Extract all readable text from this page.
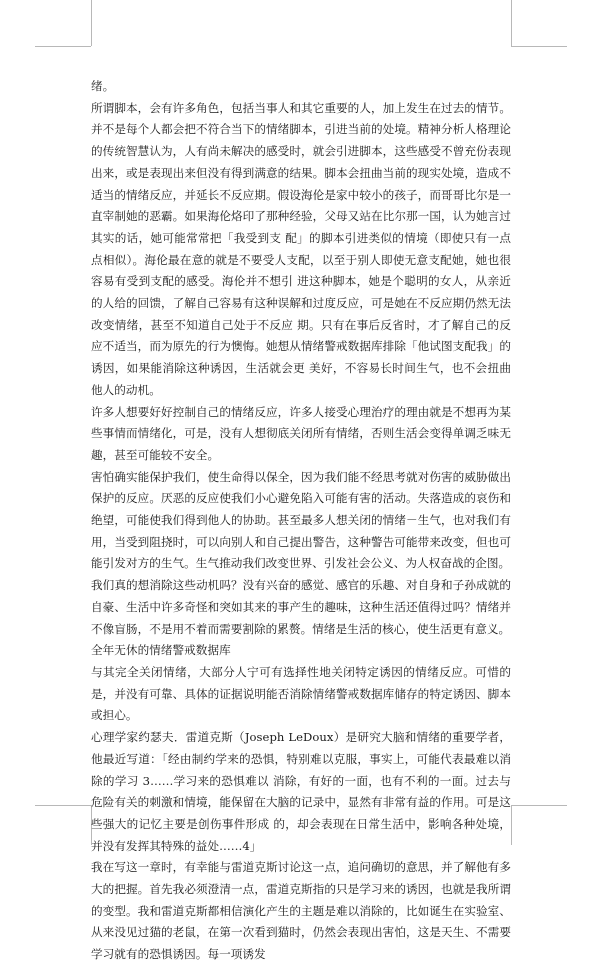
绪。

所谓脚本，会有许多角色，包括当事人和其它重要的人，加上发生在过去的情节。并不是每个人都会把不符合当下的情绪脚本，引进当前的处境。精神分析人格理论 的传统智慧认为，人有尚未解决的感受时，就会引进脚本，这些感受不曾充份表现出来，或是表现出来但没有得到满意的结果。脚本会扭曲当前的现实处境，造成不 适当的情绪反应，并延长不反应期。假设海伦是家中较小的孩子，而哥哥比尔是一直宰制她的恶霸。如果海伦烙印了那种经验，父母又站在比尔那一国，认为她言过其实的话，她可能常常把「我受到支 配」的脚本引进类似的情境（即使只有一点点相似）。海伦最在意的就是不要受人支配，以至于别人即使无意支配她，她也很容易有受到支配的感受。海伦并不想引 进这种脚本，她是个聪明的女人，从亲近的人给的回馈，了解自己容易有这种误解和过度反应，可是她在不反应期仍然无法改变情绪，甚至不知道自己处于不反应 期。只有在事后反省时，才了解自己的反应不适当，而为原先的行为懊悔。她想从情绪警戒数据库排除「他试图支配我」的诱因，如果能消除这种诱因，生活就会更 美好，不容易长时间生气，也不会扭曲他人的动机。

许多人想要好好控制自己的情绪反应，许多人接受心理治疗的理由就是不想再为某些事情而情绪化，可是，没有人想彻底关闭所有情绪，否则生活会变得单调乏味无趣，甚至可能较不安全。

害怕确实能保护我们，使生命得以保全，因为我们能不经思考就对伤害的威胁做出保护的反应。厌恶的反应使我们小心避免陷入可能有害的活动。失落造成的哀伤和 绝望，可能使我们得到他人的协助。甚至最多人想关闭的情绪－生气，也对我们有用，当受到阻挠时，可以向别人和自己提出警告，这种警告可能带来改变，但也可 能引发对方的生气。生气推动我们改变世界、引发社会公义、为人权奋战的企图。

我们真的想消除这些动机吗？没有兴奋的感觉、感官的乐趣、对自身和子孙成就的自豪、生活中许多奇怪和突如其来的事产生的趣味，这种生活还值得过吗？情绪并不像盲肠，不是用不着而需要割除的累赘。情绪是生活的核心，使生活更有意义。

全年无休的情绪警戒数据库

与其完全关闭情绪，大部分人宁可有选择性地关闭特定诱因的情绪反应。可惜的是，并没有可靠、具体的证据说明能否消除情绪警戒数据库储存的特定诱因、脚本或担心。

心理学家约瑟夫．雷道克斯（Joseph LeDoux）是研究大脑和情绪的重要学者，他最近写道：「经由制约学来的恐惧，特别难以克服，事实上，可能代表最难以消除的学习 3……学习来的恐惧难以 消除，有好的一面，也有不利的一面。过去与危险有关的刺激和情境，能保留在大脑的记录中，显然有非常有益的作用。可是这些强大的记忆主要是创伤事件形成 的，却会表现在日常生活中，影响各种处境，并没有发挥其特殊的益处……4」

我在写这一章时，有幸能与雷道克斯讨论这一点，追问确切的意思，并了解他有多大的把握。首先我必须澄清一点，雷道克斯指的只是学习来的诱因，也就是我所谓 的变型。我和雷道克斯都相信演化产生的主题是难以消除的，比如诞生在实验室、从来没见过猫的老鼠，在第一次看到猫时，仍然会表现出害怕，这是天生、不需要 学习就有的恐惧诱因。每一项诱发
